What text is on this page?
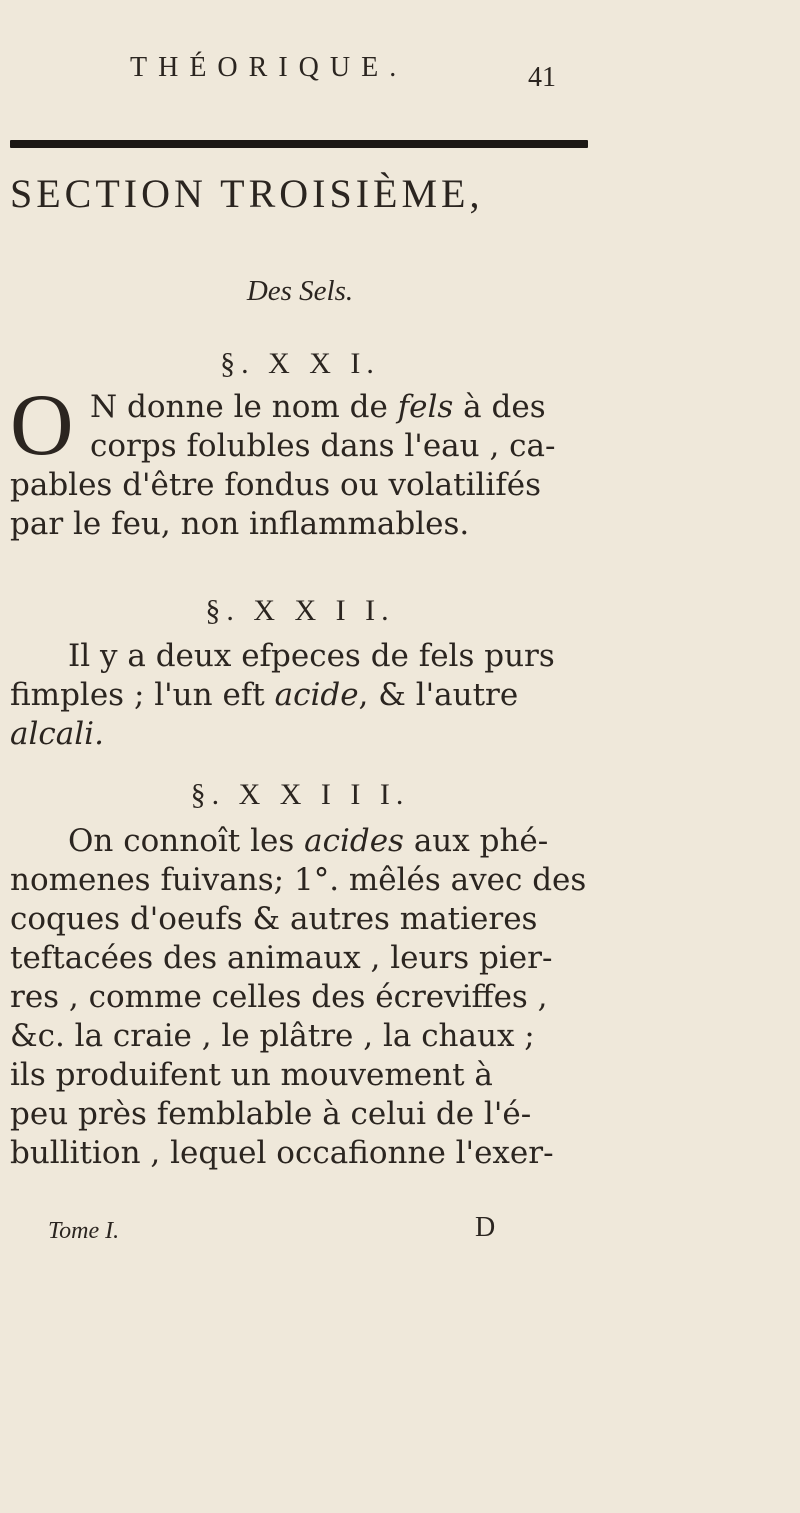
THÉORIQUE.	41
SECTION TROISIÈME,
Des Sels.
§. X X I.
O N donne le nom de fels à des
corps folubles dans l'eau , ca-
pables d'être fondus ou volatilifés
par le feu, non inflammables.
§. X X I I.
Il y a deux efpeces de fels purs
fimples ; l'un eft acide, & l'autre
alcali.
§. X X I I I.
On connoît les acides aux phé-
nomenes fuivans; 1°. mêlés avec des
coques d'oeufs & autres matieres
teftacées des animaux , leurs pier-
res , comme celles des écreviffes ,
&c. la craie , le plâtre , la chaux ;
ils produifent un mouvement à
peu près femblable à celui de l'é-
bullition , lequel occafionne l'exer-
Tome I.	D
